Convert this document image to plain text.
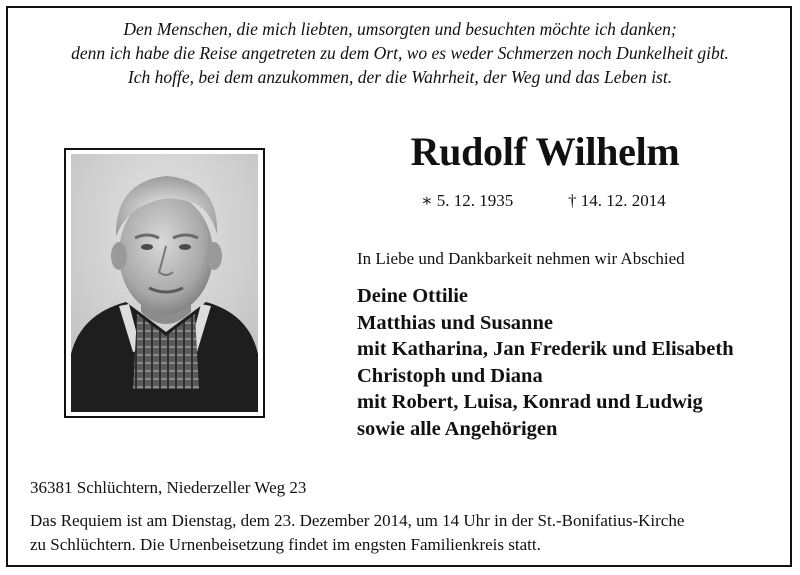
Den Menschen, die mich liebten, umsorgten und besuchten möchte ich danken;
denn ich habe die Reise angetreten zu dem Ort, wo es weder Schmerzen noch Dunkelheit gibt.
Ich hoffe, bei dem anzukommen, der die Wahrheit, der Weg und das Leben ist.
Rudolf Wilhelm
∗ 5. 12. 1935	† 14. 12. 2014
In Liebe und Dankbarkeit nehmen wir Abschied
Deine Ottilie
Matthias und Susanne
mit Katharina, Jan Frederik und Elisabeth
Christoph und Diana
mit Robert, Luisa, Konrad und Ludwig
sowie alle Angehörigen
36381 Schlüchtern, Niederzeller Weg 23
Das Requiem ist am Dienstag, dem 23. Dezember 2014, um 14 Uhr in der St.-Bonifatius-Kirche
zu Schlüchtern. Die Urnenbeisetzung findet im engsten Familienkreis statt.
